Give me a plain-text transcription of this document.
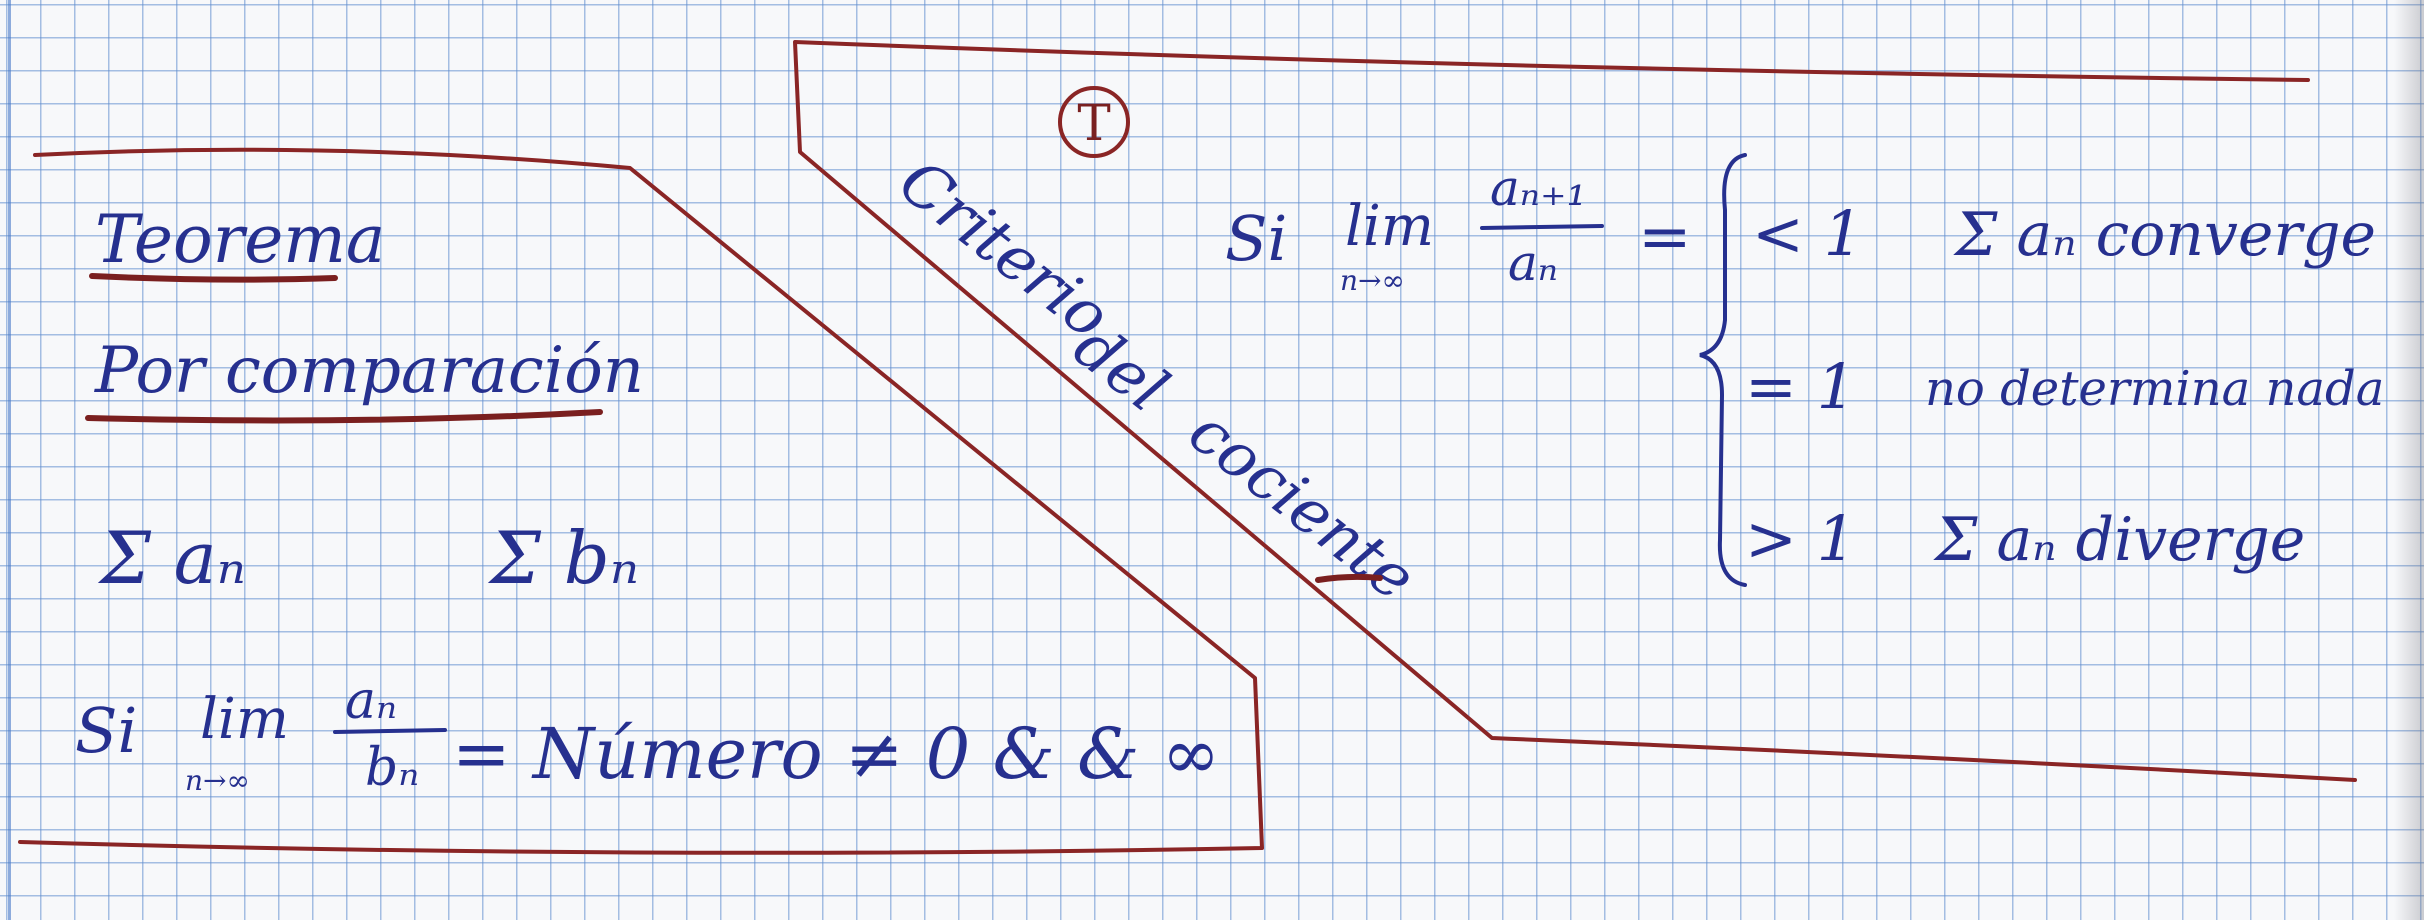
Teorema
Por comparación
Σ aₙ	Σ bₙ
Si lim
n→∞
aₙ
bₙ = Número ≠ 0 & & ∞
T
Criterio
del
cociente
Si lim
n→∞
aₙ₊₁
aₙ = < 1 Σ aₙ converge
= 1 no determina nada
> 1 Σ aₙ diverge
